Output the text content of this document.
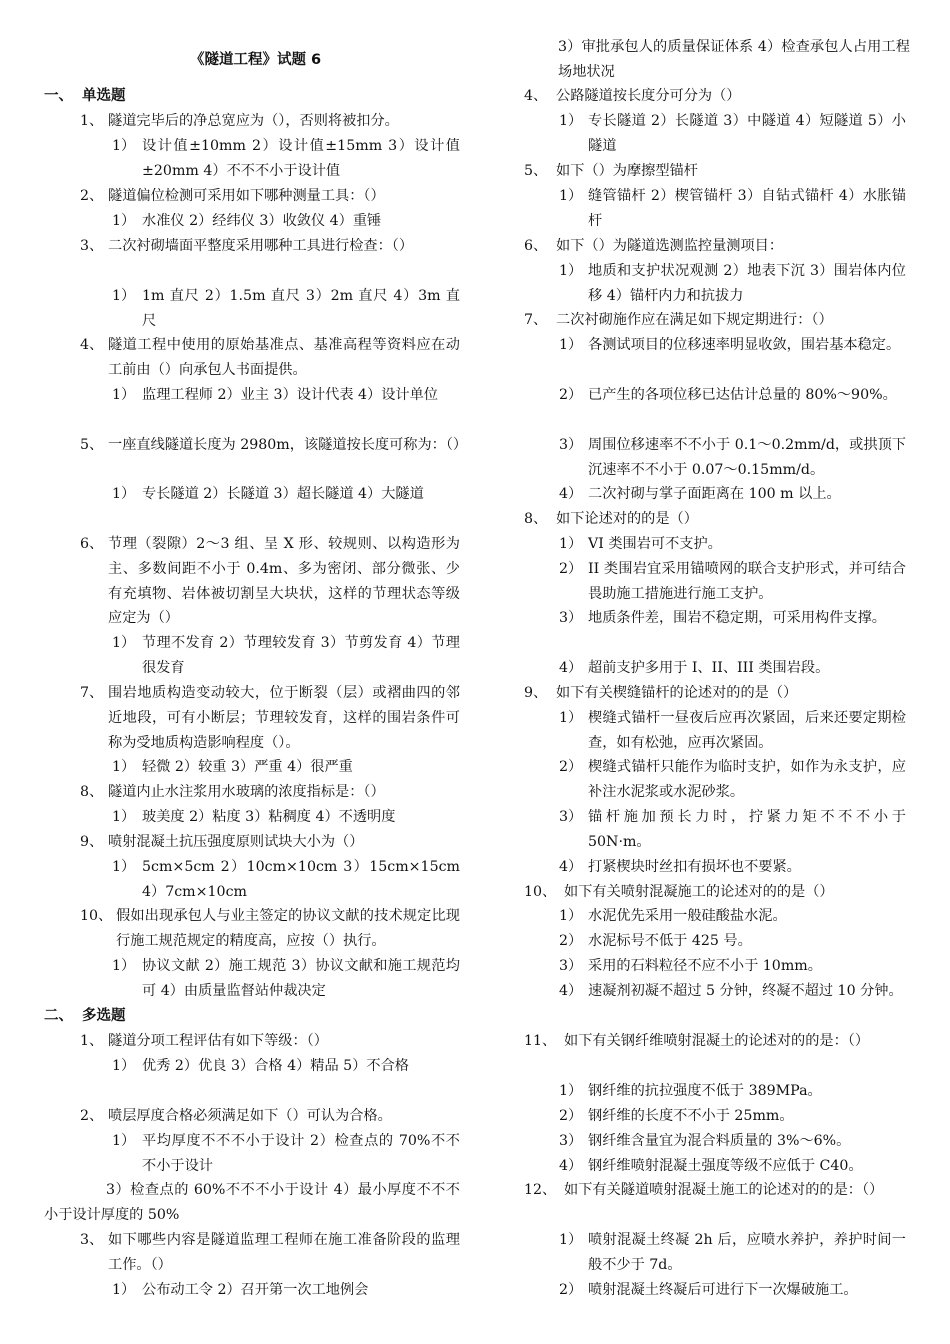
《隧道工程》试题 6
一、 单选题
1、 隧道完毕后的净总宽应为（），否则将被扣分。
1） 设计值±10mm 2）设计值±15mm 3）设计值±20mm 4）不不不小于设计值
2、 隧道偏位检测可采用如下哪种测量工具：（）
1） 水准仪 2）经纬仪 3）收敛仪 4）重锤
3、 二次衬砌墙面平整度采用哪种工具进行检查：（）
1） 1m 直尺 2）1.5m 直尺 3）2m 直尺 4）3m 直尺
4、 隧道工程中使用的原始基准点、基准高程等资料应在动工前由（）向承包人书面提供。
1） 监理工程师 2）业主 3）设计代表 4）设计单位
5、 一座直线隧道长度为 2980m，该隧道按长度可称为：（）
1） 专长隧道 2）长隧道 3）超长隧道 4）大隧道
6、 节理（裂隙）2～3 组、呈 X 形、较规则、以构造形为主、多数间距不小于 0.4m、多为密闭、部分微张、少有充填物、岩体被切割呈大块状，这样的节理状态等级应定为（）
1） 节理不发育 2）节理较发育 3）节剪发育 4）节理很发育
7、 围岩地质构造变动较大，位于断裂（层）或褶曲四的邻近地段，可有小断层；节理较发育，这样的围岩条件可称为受地质构造影响程度（）。
1） 轻微 2）较重 3）严重 4）很严重
8、 隧道内止水注浆用水玻璃的浓度指标是：（）
1） 玻美度 2）粘度 3）粘稠度 4）不透明度
9、 喷射混凝土抗压强度原则试块大小为（）
1） 5cm×5cm 2）10cm×10cm 3）15cm×15cm 4）7cm×10cm
10、 假如出现承包人与业主签定的协议文献的技术规定比现行施工规范规定的精度高，应按（）执行。
1） 协议文献 2）施工规范 3）协议文献和施工规范均可 4）由质量监督站仲裁决定
二、 多选题
1、 隧道分项工程评估有如下等级：（）
1） 优秀 2）优良 3）合格 4）精品 5）不合格
2、 喷层厚度合格必须满足如下（）可认为合格。
1） 平均厚度不不不小于设计 2）检查点的 70%不不不小于设计
3）检查点的 60%不不不小于设计 4）最小厚度不不不小于设计厚度的 50%
3、 如下哪些内容是隧道监理工程师在施工准备阶段的监理工作。（）
1） 公布动工令 2）召开第一次工地例会
3）审批承包人的质量保证体系 4）检查承包人占用工程场地状况
4、 公路隧道按长度分可分为（）
1） 专长隧道 2）长隧道 3）中隧道 4）短隧道 5）小隧道
5、 如下（）为摩擦型锚杆
1） 缝管锚杆 2）楔管锚杆 3）自钻式锚杆 4）水胀锚杆
6、 如下（）为隧道选测监控量测项目：
1） 地质和支护状况观测 2）地表下沉 3）围岩体内位移 4）锚杆内力和抗拔力
7、 二次衬砌施作应在满足如下规定期进行：（）
1） 各测试项目的位移速率明显收敛，围岩基本稳定。
2） 已产生的各项位移已达估计总量的 80%～90%。
3） 周围位移速率不不小于 0.1～0.2mm/d，或拱顶下沉速率不不小于 0.07～0.15mm/d。
4） 二次衬砌与掌子面距离在 100 m 以上。
8、 如下论述对的的是（）
1） VI 类围岩可不支护。
2） II 类围岩宜采用锚喷网的联合支护形式，并可结合畏助施工措施进行施工支护。
3） 地质条件差，围岩不稳定期，可采用构件支撑。
4） 超前支护多用于 I、II、III 类围岩段。
9、 如下有关楔缝锚杆的论述对的的是（）
1） 楔缝式锚杆一昼夜后应再次紧固，后来还要定期检查，如有松弛，应再次紧固。
2） 楔缝式锚杆只能作为临时支护，如作为永支护，应补注水泥浆或水泥砂浆。
3） 锚杆施加预长力时，拧紧力矩不不不小于 50N·m。
4） 打紧楔块时丝扣有损坏也不要紧。
10、 如下有关喷射混凝施工的论述对的的是（）
1） 水泥优先采用一般硅酸盐水泥。
2） 水泥标号不低于 425 号。
3） 采用的石料粒径不应不小于 10mm。
4） 速凝剂初凝不超过 5 分钟，终凝不超过 10 分钟。
11、 如下有关钢纤维喷射混凝土的论述对的的是：（）
1） 钢纤维的抗拉强度不低于 389MPa。
2） 钢纤维的长度不不小于 25mm。
3） 钢纤维含量宜为混合料质量的 3%～6%。
4） 钢纤维喷射混凝土强度等级不应低于 C40。
12、 如下有关隧道喷射混凝土施工的论述对的的是：（）
1） 喷射混凝土终凝 2h 后，应喷水养护，养护时间一般不少于 7d。
2） 喷射混凝土终凝后可进行下一次爆破施工。
